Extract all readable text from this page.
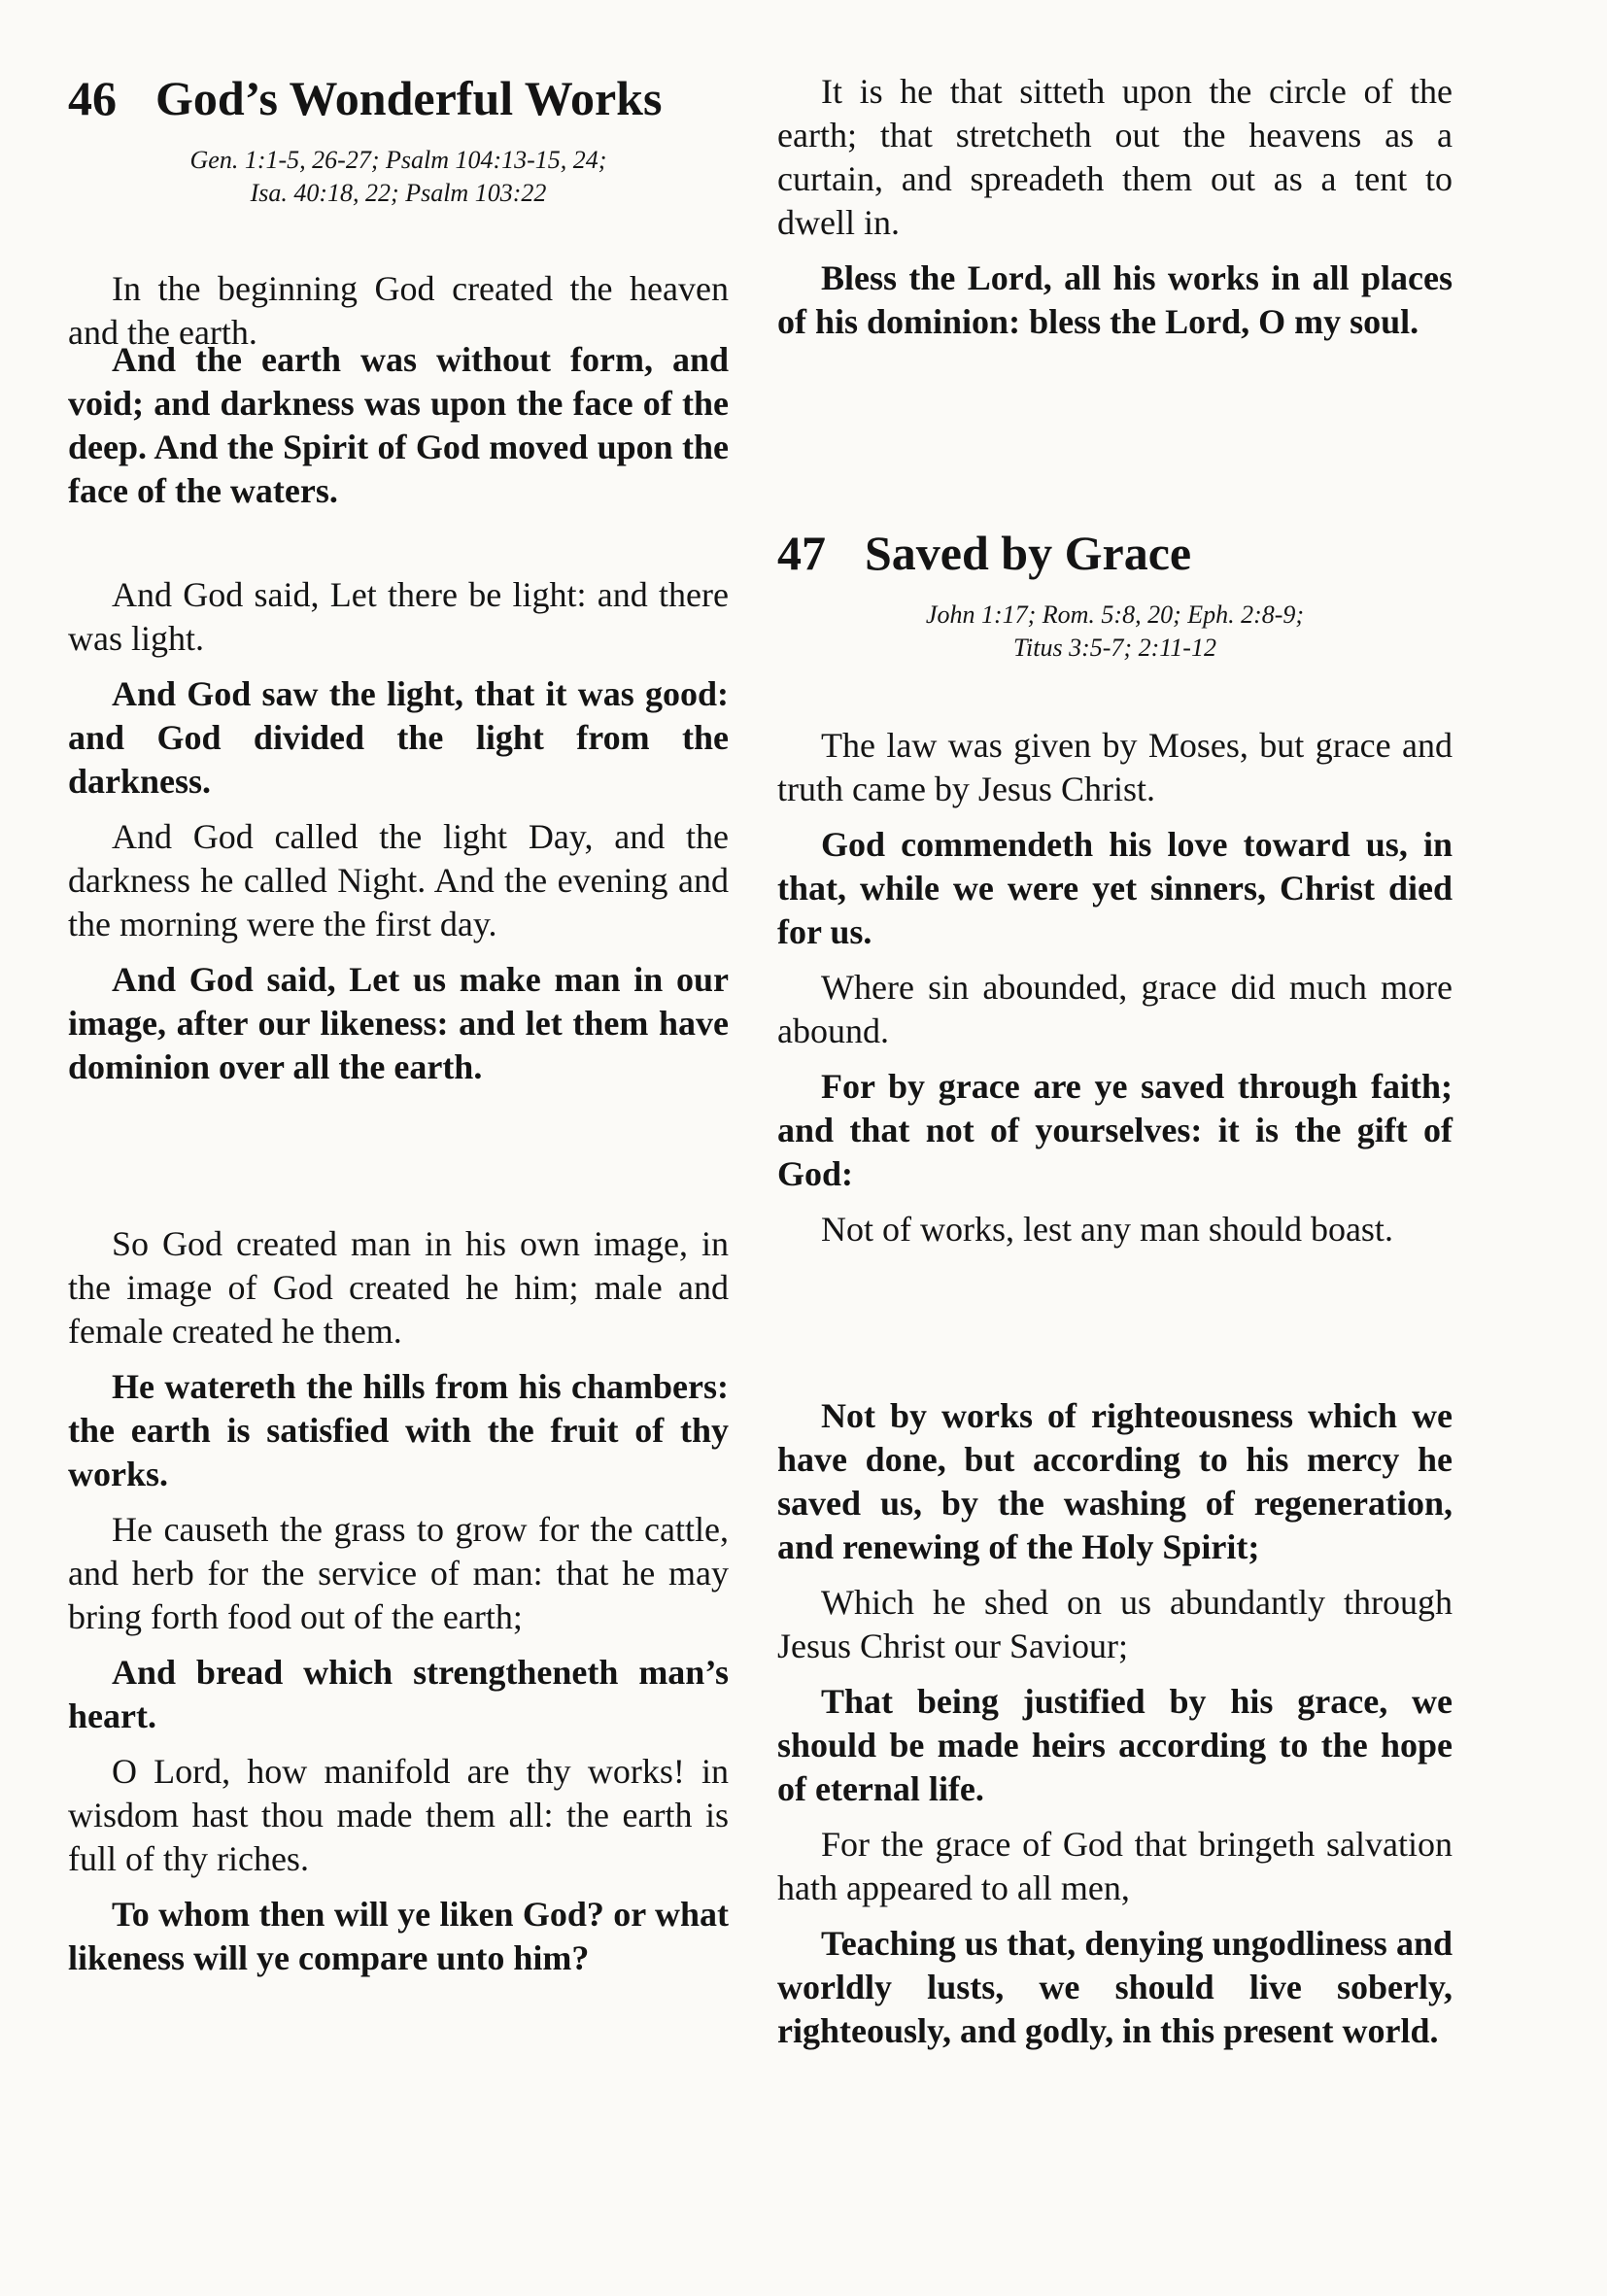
46 God’s Wonderful Works

Gen. 1:1-5, 26-27; Psalm 104:13-15, 24;

Isa. 40:18, 22; Psalm 103:22

In the beginning God created the heaven and the earth.

And the earth was without form, and void; and darkness was upon the face of the deep. And the Spirit of God moved upon the face of the waters.

And God said, Let there be light: and there was light.

And God saw the light, that it was good: and God divided the light from the darkness.

And God called the light Day, and the darkness he called Night. And the evening and the morning were the first day.

And God said, Let us make man in our image, after our likeness: and let them have dominion over all the earth.

So God created man in his own image, in the image of God created he him; male and female created he them.

He watereth the hills from his chambers: the earth is satisfied with the fruit of thy works.

He causeth the grass to grow for the cattle, and herb for the service of man: that he may bring forth food out of the earth;

And bread which strengtheneth man’s heart.

O Lord, how manifold are thy works! in wisdom hast thou made them all: the earth is full of thy riches.

To whom then will ye liken God? or what likeness will ye compare unto him?

It is he that sitteth upon the circle of the earth; that stretcheth out the heavens as a curtain, and spreadeth them out as a tent to dwell in.

Bless the Lord, all his works in all places of his dominion: bless the Lord, O my soul.

47 Saved by Grace

John 1:17; Rom. 5:8, 20; Eph. 2:8-9;

Titus 3:5-7; 2:11-12

The law was given by Moses, but grace and truth came by Jesus Christ.

God commendeth his love toward us, in that, while we were yet sinners, Christ died for us.

Where sin abounded, grace did much more abound.

For by grace are ye saved through faith; and that not of yourselves: it is the gift of God:

Not of works, lest any man should boast.

Not by works of righteousness which we have done, but according to his mercy he saved us, by the washing of regeneration, and renewing of the Holy Spirit;

Which he shed on us abundantly through Jesus Christ our Saviour;

That being justified by his grace, we should be made heirs according to the hope of eternal life.

For the grace of God that bringeth salvation hath appeared to all men,

Teaching us that, denying ungodliness and worldly lusts, we should live soberly, righteously, and godly, in this present world.
